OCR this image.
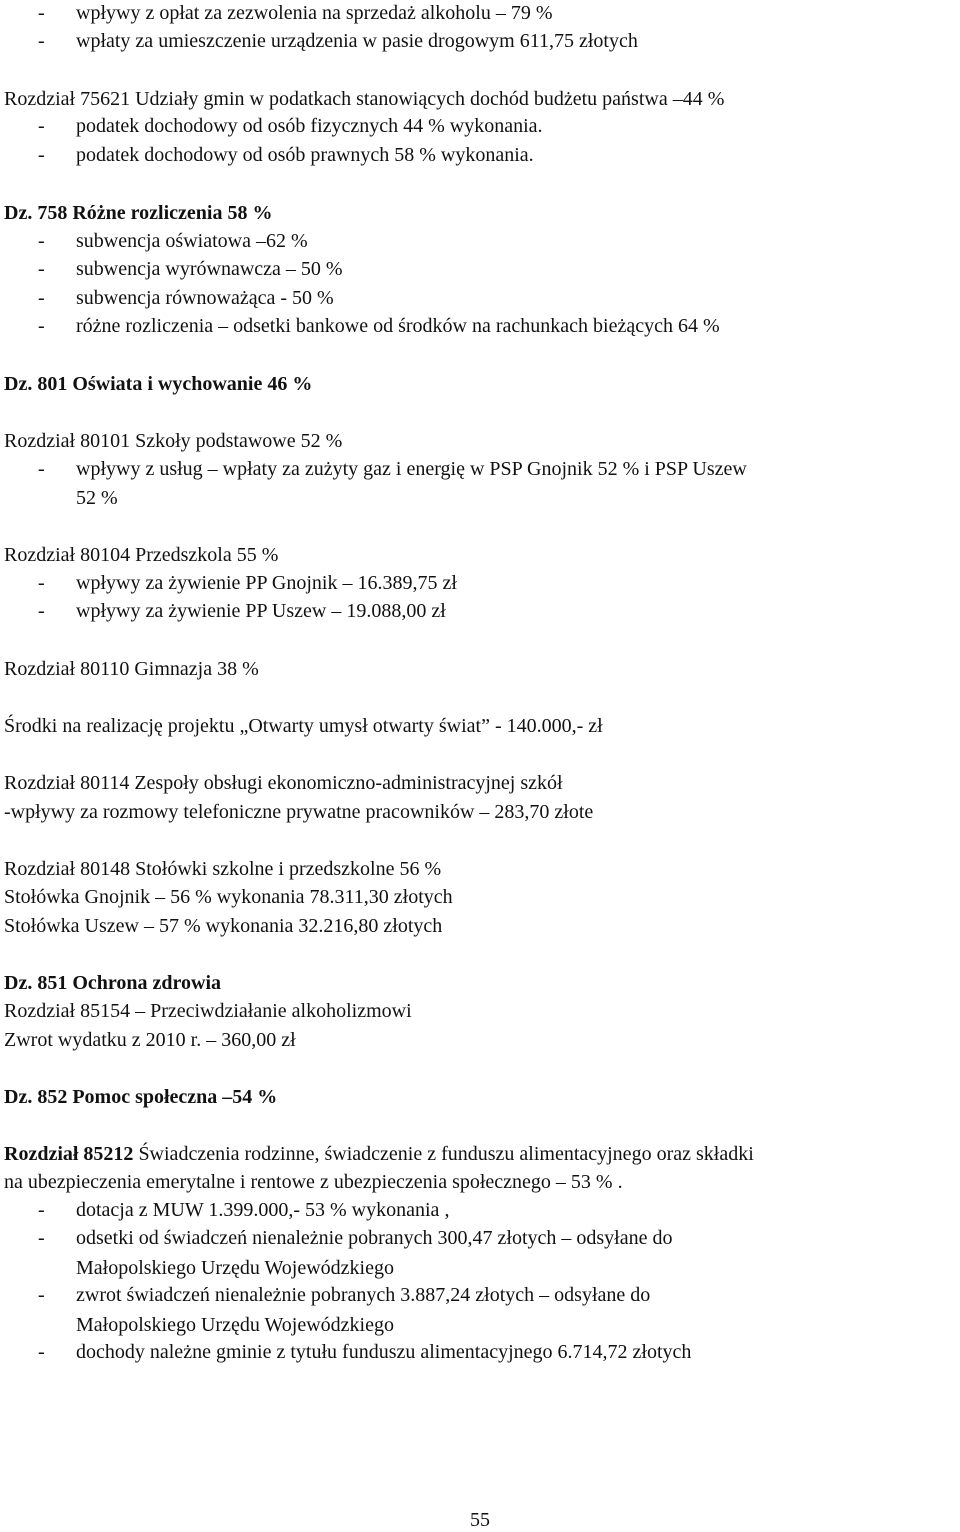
- wpływy z opłat za zezwolenia na sprzedaż alkoholu – 79 %
- wpłaty za umieszczenie urządzenia w pasie drogowym 611,75 złotych
Rozdział 75621 Udziały gmin w podatkach stanowiących dochód budżetu państwa –44 %
- podatek dochodowy od osób fizycznych 44 % wykonania.
- podatek dochodowy od osób prawnych 58 % wykonania.
Dz. 758 Różne rozliczenia 58 %
- subwencja oświatowa –62 %
- subwencja wyrównawcza – 50 %
- subwencja równoważąca - 50 %
- różne rozliczenia – odsetki bankowe od środków na rachunkach bieżących 64 %
Dz. 801 Oświata i wychowanie 46 %
Rozdział 80101 Szkoły podstawowe 52 %
- wpływy z usług – wpłaty za zużyty gaz i energię w PSP Gnojnik 52 % i PSP Uszew
52 %
Rozdział 80104 Przedszkola 55 %
- wpływy za żywienie PP Gnojnik – 16.389,75 zł
- wpływy za żywienie PP Uszew – 19.088,00 zł
Rozdział 80110 Gimnazja 38 %
Środki na realizację projektu „Otwarty umysł otwarty świat” - 140.000,- zł
Rozdział 80114 Zespoły obsługi ekonomiczno-administracyjnej szkół
-wpływy za rozmowy telefoniczne prywatne pracowników – 283,70 złote
Rozdział 80148 Stołówki szkolne i przedszkolne 56 %
Stołówka Gnojnik – 56 % wykonania 78.311,30 złotych
Stołówka Uszew – 57 % wykonania 32.216,80 złotych
Dz. 851 Ochrona zdrowia
Rozdział 85154 – Przeciwdziałanie alkoholizmowi
Zwrot wydatku z 2010 r. – 360,00 zł
Dz. 852 Pomoc społeczna –54 %
Rozdział 85212 Świadczenia rodzinne, świadczenie z funduszu alimentacyjnego oraz składki
na ubezpieczenia emerytalne i rentowe z ubezpieczenia społecznego – 53 % .
- dotacja z MUW 1.399.000,- 53 % wykonania ,
- odsetki od świadczeń nienależnie pobranych 300,47 złotych – odsyłane do
Małopolskiego Urzędu Wojewódzkiego
- zwrot świadczeń nienależnie pobranych 3.887,24 złotych – odsyłane do
Małopolskiego Urzędu Wojewódzkiego
- dochody należne gminie z tytułu funduszu alimentacyjnego 6.714,72 złotych
55
